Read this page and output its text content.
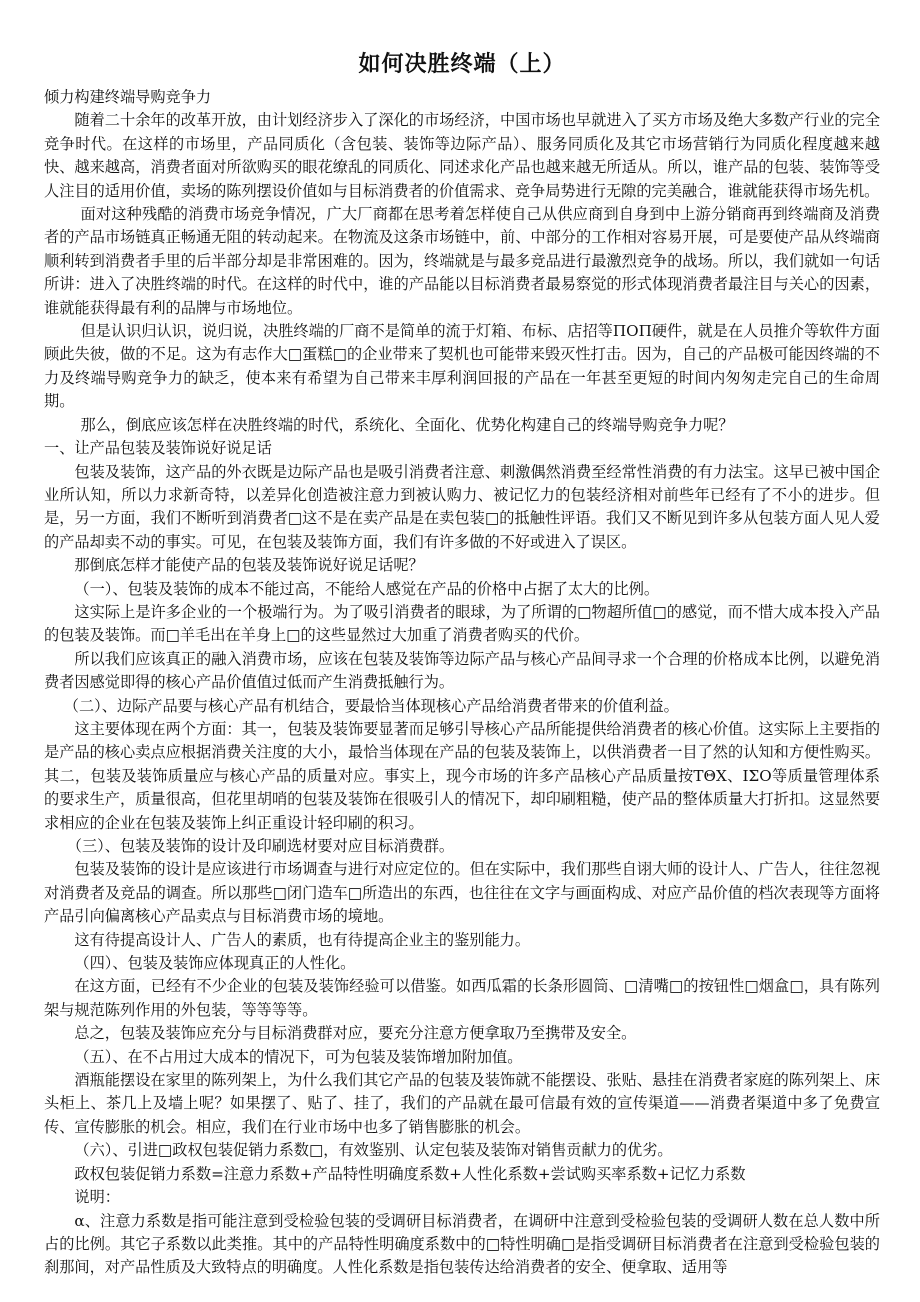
如何决胜终端（上）

倾力构建终端导购竞争力

随着二十余年的改革开放，由计划经济步入了深化的市场经济，中国市场也早就进入了买方市场及绝大多数产行业的完全竞争时代。在这样的市场里，产品同质化（含包装、装饰等边际产品）、服务同质化及其它市场营销行为同质化程度越来越快、越来越高，消费者面对所欲购买的眼花缭乱的同质化、同述求化产品也越来越无所适从。所以，谁产品的包装、装饰等受人注目的适用价值，卖场的陈列摆设价值如与目标消费者的价值需求、竞争局势进行无隙的完美融合，谁就能获得市场先机。

面对这种残酷的消费市场竞争情况，广大厂商都在思考着怎样使自己从供应商到自身到中上游分销商再到终端商及消费者的产品市场链真正畅通无阻的转动起来。在物流及这条市场链中，前、中部分的工作相对容易开展，可是要使产品从终端商顺利转到消费者手里的后半部分却是非常困难的。因为，终端就是与最多竞品进行最激烈竞争的战场。所以，我们就如一句话所讲：进入了决胜终端的时代。在这样的时代中，谁的产品能以目标消费者最易察觉的形式体现消费者最注目与关心的因素，谁就能获得最有利的品牌与市场地位。

但是认识归认识，说归说，决胜终端的厂商不是简单的流于灯箱、布标、店招等ΠΟΠ硬件，就是在人员推介等软件方面顾此失彼，做的不足。这为有志作大□蛋糕□的企业带来了契机也可能带来毁灭性打击。因为，自己的产品极可能因终端的不力及终端导购竞争力的缺乏，使本来有希望为自己带来丰厚利润回报的产品在一年甚至更短的时间内匆匆走完自己的生命周期。

那么，倒底应该怎样在决胜终端的时代，系统化、全面化、优势化构建自己的终端导购竞争力呢？

一、让产品包装及装饰说好说足话

包装及装饰，这产品的外衣既是边际产品也是吸引消费者注意、刺激偶然消费至经常性消费的有力法宝。这早已被中国企业所认知，所以力求新奇特，以差异化创造被注意力到被认购力、被记忆力的包装经济相对前些年已经有了不小的进步。但是，另一方面，我们不断听到消费者□这不是在卖产品是在卖包装□的抵触性评语。我们又不断见到许多从包装方面人见人爱的产品却卖不动的事实。可见，在包装及装饰方面，我们有许多做的不好或进入了误区。

那倒底怎样才能使产品的包装及装饰说好说足话呢？

（一）、包装及装饰的成本不能过高，不能给人感觉在产品的价格中占据了太大的比例。

这实际上是许多企业的一个极端行为。为了吸引消费者的眼球，为了所谓的□物超所值□的感觉，而不惜大成本投入产品的包装及装饰。而□羊毛出在羊身上□的这些显然过大加重了消费者购买的代价。

所以我们应该真正的融入消费市场，应该在包装及装饰等边际产品与核心产品间寻求一个合理的价格成本比例，以避免消费者因感觉即得的核心产品价值值过低而产生消费抵触行为。

（二）、边际产品要与核心产品有机结合，要最恰当体现核心产品给消费者带来的价值利益。

这主要体现在两个方面：其一，包装及装饰要显著而足够引导核心产品所能提供给消费者的核心价值。这实际上主要指的是产品的核心卖点应根据消费关注度的大小，最恰当体现在产品的包装及装饰上，以供消费者一目了然的认知和方便性购买。其二，包装及装饰质量应与核心产品的质量对应。事实上，现今市场的许多产品核心产品质量按ΤΘΧ、ΙΣΟ等质量管理体系的要求生产，质量很高，但花里胡哨的包装及装饰在很吸引人的情况下，却印刷粗糙，使产品的整体质量大打折扣。这显然要求相应的企业在包装及装饰上纠正重设计轻印刷的积习。

（三）、包装及装饰的设计及印刷选材要对应目标消费群。

包装及装饰的设计是应该进行市场调查与进行对应定位的。但在实际中，我们那些自诩大师的设计人、广告人，往往忽视对消费者及竞品的调查。所以那些□闭门造车□所造出的东西，也往往在文字与画面构成、对应产品价值的档次表现等方面将产品引向偏离核心产品卖点与目标消费市场的境地。

这有待提高设计人、广告人的素质，也有待提高企业主的鉴别能力。

（四）、包装及装饰应体现真正的人性化。

在这方面，已经有不少企业的包装及装饰经验可以借鉴。如西瓜霜的长条形圆筒、□清嘴□的按钮性□烟盒□，具有陈列架与规范陈列作用的外包装，等等等等。

总之，包装及装饰应充分与目标消费群对应，要充分注意方便拿取乃至携带及安全。

（五）、在不占用过大成本的情况下，可为包装及装饰增加附加值。

酒瓶能摆设在家里的陈列架上，为什么我们其它产品的包装及装饰就不能摆设、张贴、悬挂在消费者家庭的陈列架上、床头柜上、茶几上及墙上呢？如果摆了、贴了、挂了，我们的产品就在最可信最有效的宣传渠道——消费者渠道中多了免费宣传、宣传膨胀的机会。相应，我们在行业市场中也多了销售膨胀的机会。

（六）、引进□政权包装促销力系数□，有效鉴别、认定包装及装饰对销售贡献力的优劣。

政权包装促销力系数=注意力系数+产品特性明确度系数+人性化系数+尝试购买率系数+记忆力系数

说明：

α、注意力系数是指可能注意到受检验包装的受调研目标消费者，在调研中注意到受检验包装的受调研人数在总人数中所占的比例。其它子系数以此类推。其中的产品特性明确度系数中的□特性明确□是指受调研目标消费者在注意到受检验包装的刹那间，对产品性质及大致特点的明确度。人性化系数是指包装传达给消费者的安全、便拿取、适用等
